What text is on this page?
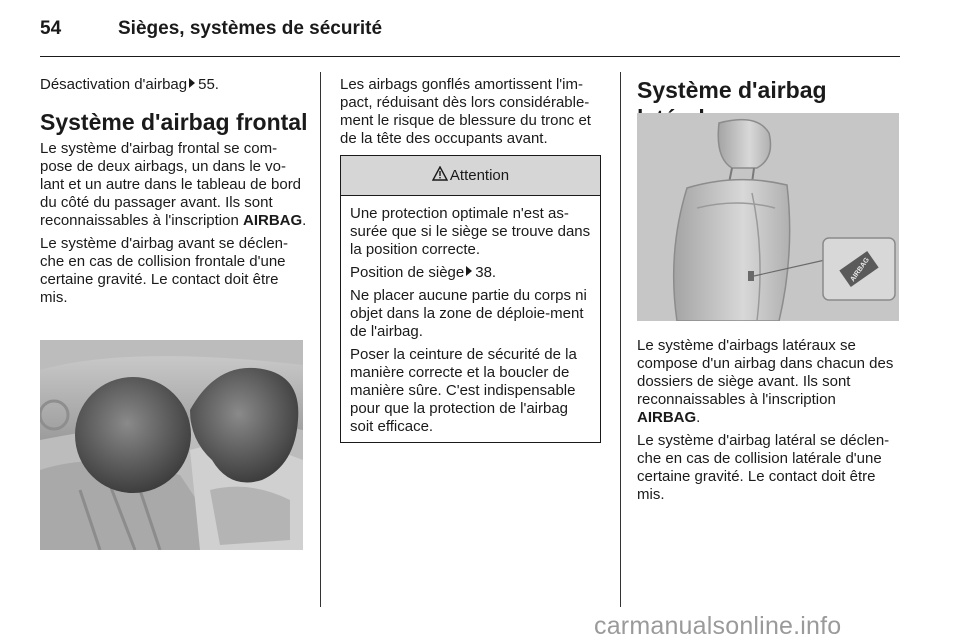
54	Sièges, systèmes de sécurité

Désactivation d'airbag 55.

Système d'airbag frontal

Le système d'airbag frontal se com-pose de deux airbags, un dans le vo-lant et un autre dans le tableau de bord du côté du passager avant. Ils sont reconnaissables à l'inscription AIRBAG.

Le système d'airbag avant se déclen-che en cas de collision frontale d'une certaine gravité. Le contact doit être mis.

Les airbags gonflés amortissent l'im-pact, réduisant dès lors considérable-ment le risque de blessure du tronc et de la tête des occupants avant.

Attention

Une protection optimale n'est as-surée que si le siège se trouve dans la position correcte.

Position de siège 38.

Ne placer aucune partie du corps ni objet dans la zone de déploie-ment de l'airbag.

Poser la ceinture de sécurité de la manière correcte et la boucler de manière sûre. C'est indispensable pour que la protection de l'airbag soit efficace.

Système d'airbag
AIRBAG

Le système d'airbags latéraux se compose d'un airbag dans chacun des dossiers de siège avant. Ils sont reconnaissables à l'inscription AIRBAG.

Le système d'airbag latéral se déclen-che en cas de collision latérale d'une certaine gravité. Le contact doit être mis.

carmanualsonline.info
